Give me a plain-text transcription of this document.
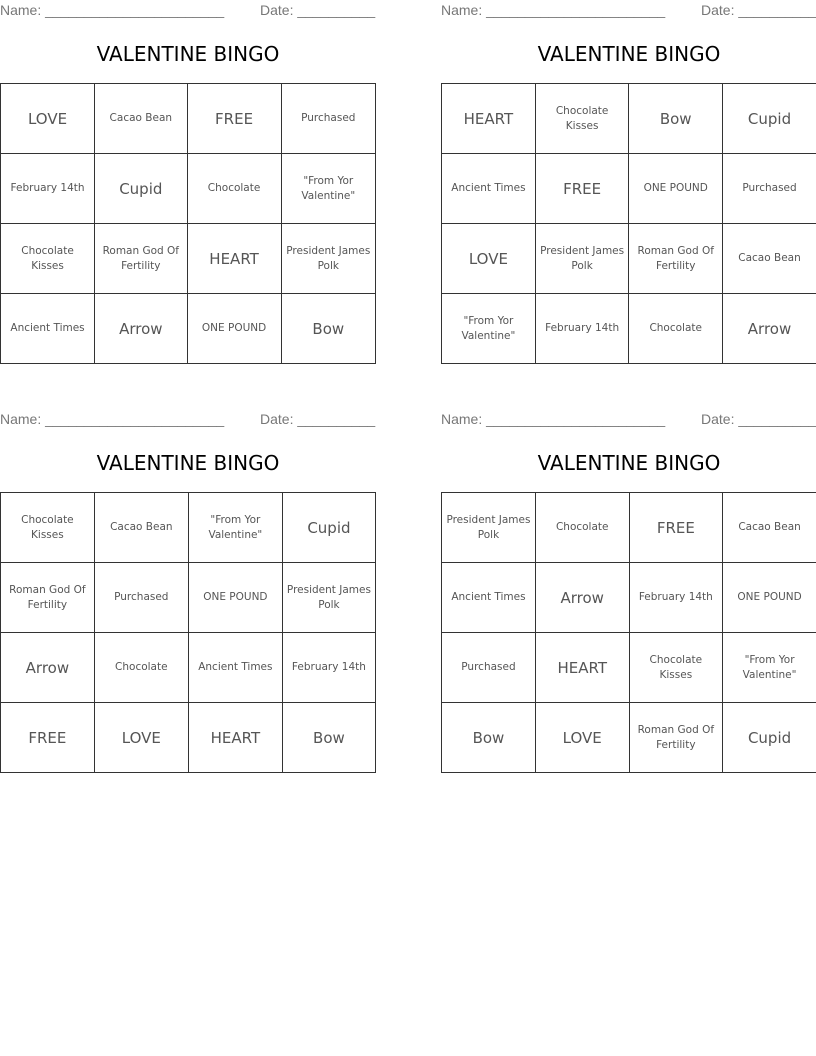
Name: _______________________	Date: __________
VALENTINE BINGO
LOVE	Cacao Bean	FREE	Purchased
February 14th	Cupid	Chocolate	"From Yor Valentine"
Chocolate Kisses	Roman God Of Fertility	HEART	President James Polk
Ancient Times	Arrow	ONE POUND	Bow
Name: _______________________	Date: __________
VALENTINE BINGO
HEART	Chocolate Kisses	Bow	Cupid
Ancient Times	FREE	ONE POUND	Purchased
LOVE	President James Polk	Roman God Of Fertility	Cacao Bean
"From Yor Valentine"	February 14th	Chocolate	Arrow
Name: _______________________	Date: __________
VALENTINE BINGO
Chocolate Kisses	Cacao Bean	"From Yor Valentine"	Cupid
Roman God Of Fertility	Purchased	ONE POUND	President James Polk
Arrow	Chocolate	Ancient Times	February 14th
FREE	LOVE	HEART	Bow
Name: _______________________	Date: __________
VALENTINE BINGO
President James Polk	Chocolate	FREE	Cacao Bean
Ancient Times	Arrow	February 14th	ONE POUND
Purchased	HEART	Chocolate Kisses	"From Yor Valentine"
Bow	LOVE	Roman God Of Fertility	Cupid
